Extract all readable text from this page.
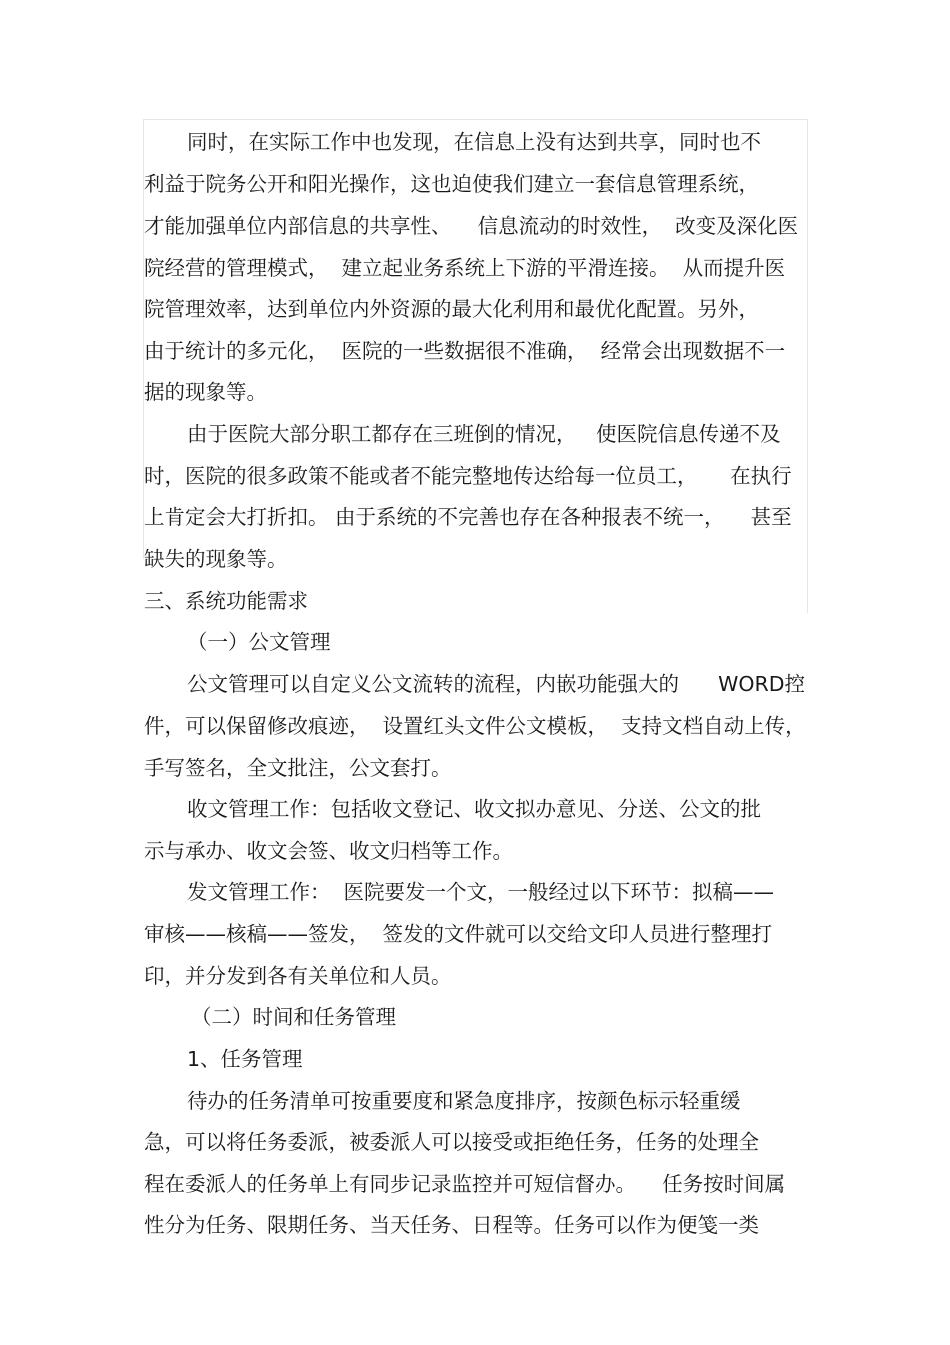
同时，在实际工作中也发现，在信息上没有达到共享，同时也不
利益于院务公开和阳光操作，这也迫使我们建立一套信息管理系统，
才能加强单位内部信息的共享性、    信息流动的时效性，  改变及深化医
院经营的管理模式，  建立起业务系统上下游的平滑连接。  从而提升医
院管理效率，达到单位内外资源的最大化利用和最优化配置。另外，
由于统计的多元化，  医院的一些数据很不准确，  经常会出现数据不一
据的现象等。
由于医院大部分职工都存在三班倒的情况，   使医院信息传递不及
时，医院的很多政策不能或者不能完整地传达给每一位员工，     在执行
上肯定会大打折扣。 由于系统的不完善也存在各种报表不统一，    甚至
缺失的现象等。
三、系统功能需求
（一）公文管理
公文管理可以自定义公文流转的流程，内嵌功能强大的      WORD控
件，可以保留修改痕迹，  设置红头文件公文模板，  支持文档自动上传，
手写签名，全文批注，公文套打。
收文管理工作：包括收文登记、收文拟办意见、分送、公文的批
示与承办、收文会签、收文归档等工作。
发文管理工作：  医院要发一个文，一般经过以下环节：拟稿——
审核——核稿——签发，  签发的文件就可以交给文印人员进行整理打
印，并分发到各有关单位和人员。
（二）时间和任务管理
1、任务管理
待办的任务清单可按重要度和紧急度排序，按颜色标示轻重缓
急，可以将任务委派，被委派人可以接受或拒绝任务，任务的处理全
程在委派人的任务单上有同步记录监控并可短信督办。    任务按时间属
性分为任务、限期任务、当天任务、日程等。任务可以作为便笺一类
